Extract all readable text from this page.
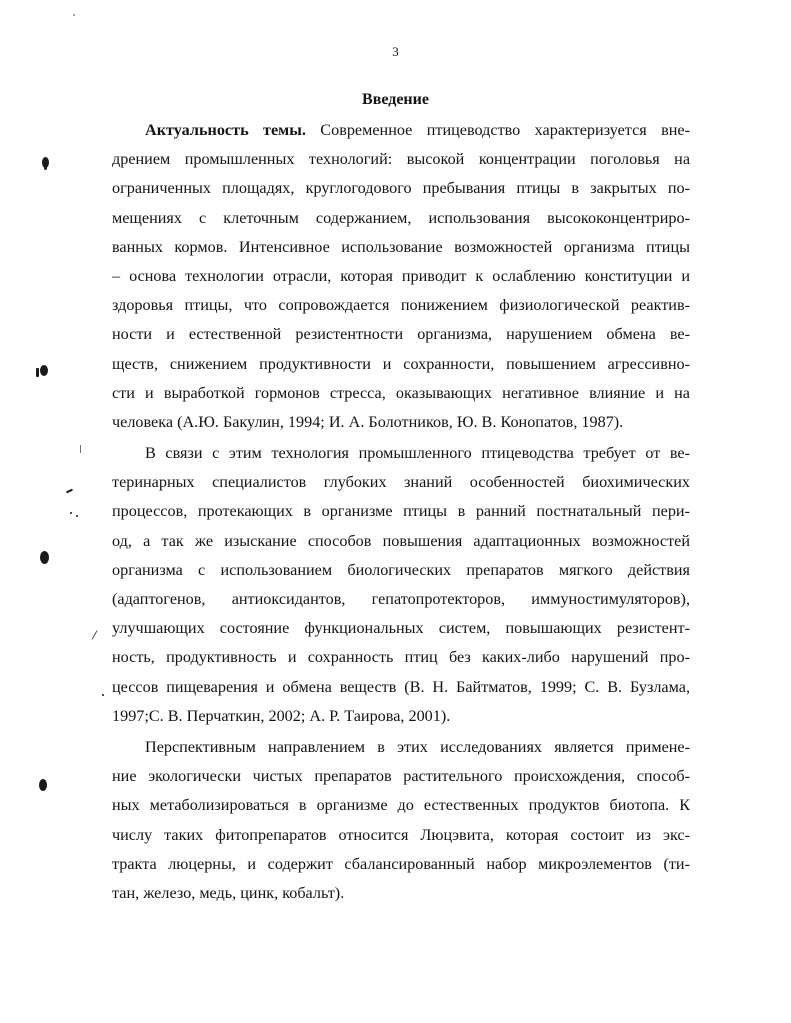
3
Введение
Актуальность темы. Современное птицеводство характеризуется вне-
дрением промышленных технологий: высокой концентрации поголовья на
ограниченных площадях, круглогодового пребывания птицы в закрытых по-
мещениях с клеточным содержанием, использования высококонцентриро-
ванных кормов. Интенсивное использование возможностей организма птицы
– основа технологии отрасли, которая приводит к ослаблению конституции и
здоровья птицы, что сопровождается понижением физиологической реактив-
ности и естественной резистентности организма, нарушением обмена ве-
ществ, снижением продуктивности и сохранности, повышением агрессивно-
сти и выработкой гормонов стресса, оказывающих негативное влияние и на
человека (А.Ю. Бакулин, 1994; И. А. Болотников, Ю. В. Конопатов, 1987).
В связи с этим технология промышленного птицеводства требует от ве-
теринарных специалистов глубоких знаний особенностей биохимических
процессов, протекающих в организме птицы в ранний постнатальный пери-
од, а так же изыскание способов повышения адаптационных возможностей
организма с использованием биологических препаратов мягкого действия
(адаптогенов, антиоксидантов, гепатопротекторов, иммуностимуляторов),
улучшающих состояние функциональных систем, повышающих резистент-
ность, продуктивность и сохранность птиц без каких-либо нарушений про-
цессов пищеварения и обмена веществ (В. Н. Байтматов, 1999; С. В. Бузлама,
1997;С. В. Перчаткин, 2002; А. Р. Таирова, 2001).
Перспективным направлением в этих исследованиях является примене-
ние экологически чистых препаратов растительного происхождения, способ-
ных метаболизироваться в организме до естественных продуктов биотопа. К
числу таких фитопрепаратов относится Люцэвита, которая состоит из экс-
тракта люцерны, и содержит сбалансированный набор микроэлементов (ти-
тан, железо, медь, цинк, кобальт).
